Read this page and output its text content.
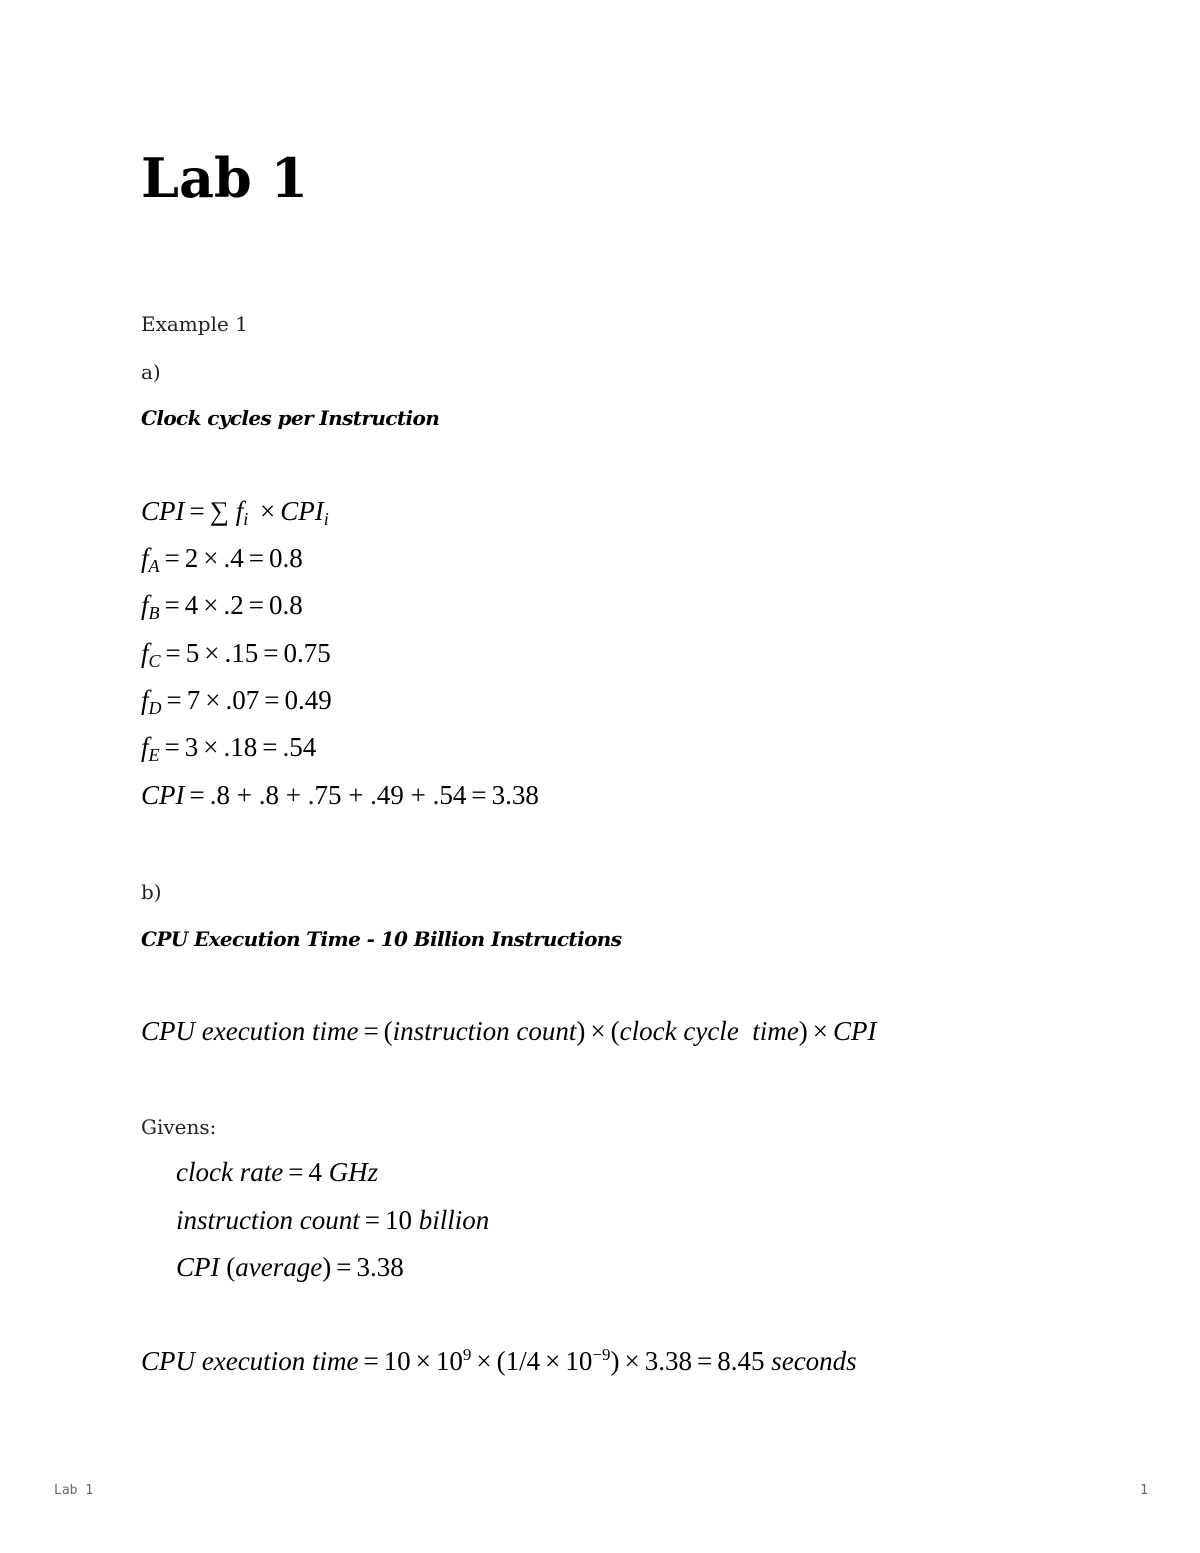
Lab 1
Example 1
a)
Clock cycles per Instruction
CPI = ∑ $f_i \times CPI_i$
$f_A = 2 \times .4 = 0.8$
$f_B = 4 \times .2 = 0.8$
$f_C = 5 \times .15 = 0.75$
$f_D = 7 \times .07 = 0.49$
$f_E = 3 \times .18 = .54$
CPI = .8 + .8 + .75 + .49 + .54 = 3.38
b)
CPU Execution Time - 10 Billion Instructions
CPU execution time = (instruction count) × (clock cycle  time) × CPI
Givens:
clock rate = 4 GHz
instruction count = 10 billion
CPI (average) = 3.38
CPU execution time = $10 \times 10^9 \times (1/4 \times 10^{-9}) \times 3.38 = 8.45$ seconds
Lab 1	1
